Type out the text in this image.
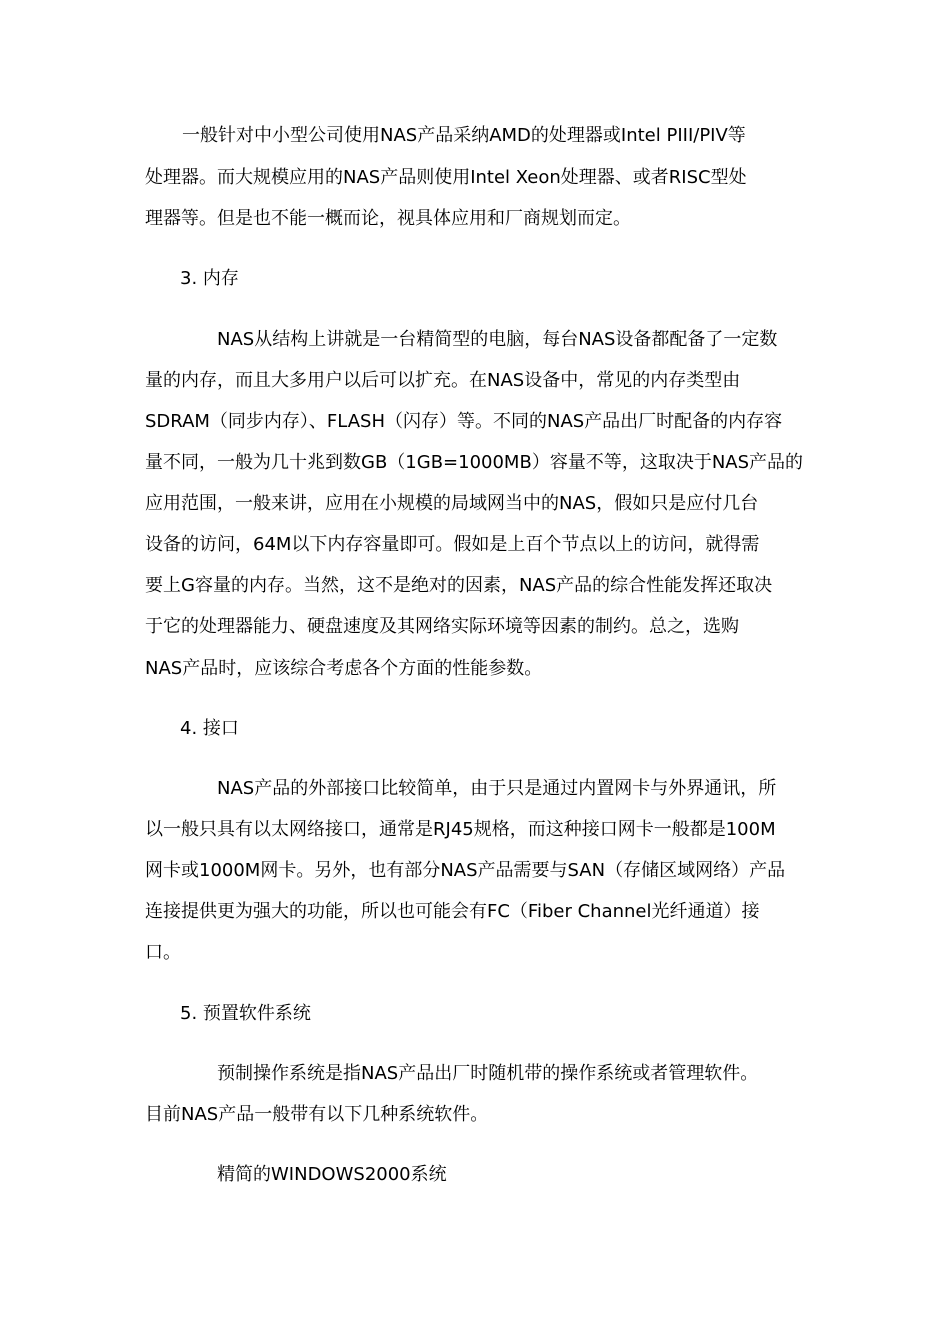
一般针对中小型公司使用NAS产品采纳AMD的处理器或Intel PIII/PIV等
处理器。而大规模应用的NAS产品则使用Intel Xeon处理器、或者RISC型处
理器等。但是也不能一概而论，视具体应用和厂商规划而定。
3. 内存
NAS从结构上讲就是一台精简型的电脑，每台NAS设备都配备了一定数
量的内存，而且大多用户以后可以扩充。在NAS设备中，常见的内存类型由
SDRAM（同步内存）、FLASH（闪存）等。不同的NAS产品出厂时配备的内存容
量不同，一般为几十兆到数GB（1GB=1000MB）容量不等，这取决于NAS产品的
应用范围，一般来讲，应用在小规模的局域网当中的NAS，假如只是应付几台
设备的访问，64M以下内存容量即可。假如是上百个节点以上的访问，就得需
要上G容量的内存。当然，这不是绝对的因素，NAS产品的综合性能发挥还取决
于它的处理器能力、硬盘速度及其网络实际环境等因素的制约。总之，选购
NAS产品时，应该综合考虑各个方面的性能参数。
4. 接口
NAS产品的外部接口比较简单，由于只是通过内置网卡与外界通讯，所
以一般只具有以太网络接口，通常是RJ45规格，而这种接口网卡一般都是100M
网卡或1000M网卡。另外，也有部分NAS产品需要与SAN（存储区域网络）产品
连接提供更为强大的功能，所以也可能会有FC（Fiber Channel光纤通道）接
口。
5. 预置软件系统
预制操作系统是指NAS产品出厂时随机带的操作系统或者管理软件。
目前NAS产品一般带有以下几种系统软件。
精简的WINDOWS2000系统
